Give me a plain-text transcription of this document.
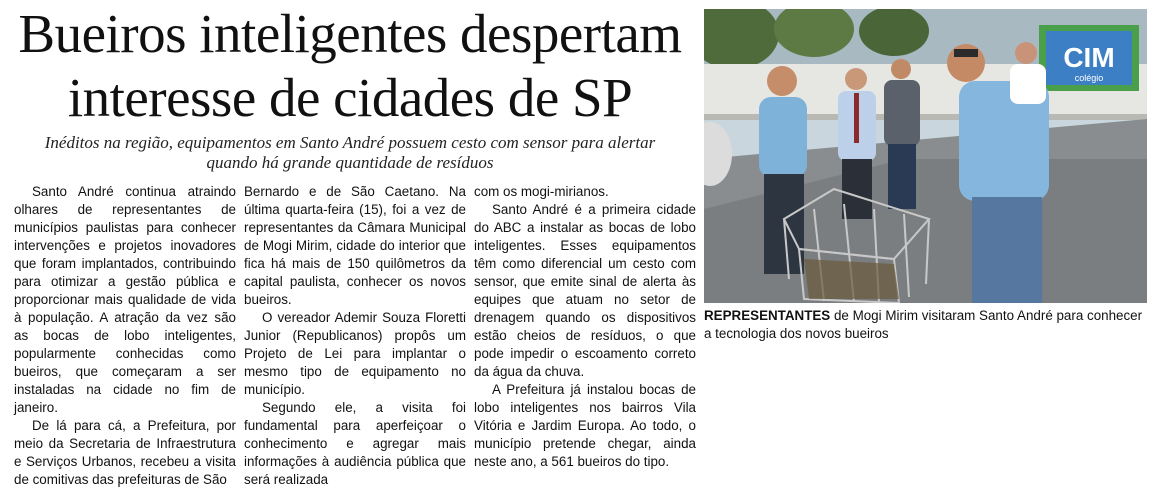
Bueiros inteligentes despertam interesse de cidades de SP

Inéditos na região, equipamentos em Santo André possuem cesto com sensor para alertar quando há grande quantidade de resíduos

Santo André continua atraindo olhares de representantes de municípios paulistas para conhecer intervenções e projetos inovadores que foram implantados, contribuindo para otimizar a gestão pública e proporcionar mais qualidade de vida à população. A atração da vez são as bocas de lobo inteligentes, popularmente conhecidas como bueiros, que começaram a ser instaladas na cidade no fim de janeiro.

De lá para cá, a Prefeitura, por meio da Secretaria de Infraestrutura e Serviços Urbanos, recebeu a visita de comitivas das prefeituras de São

Bernardo e de São Caetano. Na última quarta-feira (15), foi a vez de representantes da Câmara Municipal de Mogi Mirim, cidade do interior que fica há mais de 150 quilômetros da capital paulista, conhecer os novos bueiros.

O vereador Ademir Souza Floretti Junior (Republicanos) propôs um Projeto de Lei para implantar o mesmo tipo de equipamento no município.

Segundo ele, a visita foi fundamental para aperfeiçoar o conhecimento e agregar mais informações à audiência pública que será realizada

com os mogi-mirianos.

Santo André é a primeira cidade do ABC a instalar as bocas de lobo inteligentes. Esses equipamentos têm como diferencial um cesto com sensor, que emite sinal de alerta às equipes que atuam no setor de drenagem quando os dispositivos estão cheios de resíduos, o que pode impedir o escoamento correto da água da chuva.

A Prefeitura já instalou bocas de lobo inteligentes nos bairros Vila Vitória e Jardim Europa. Ao todo, o município pretende chegar, ainda neste ano, a 561 bueiros do tipo.

CIM
colégio
REPRESENTANTES de Mogi Mirim visitaram Santo André para conhecer a tecnologia dos novos bueiros
